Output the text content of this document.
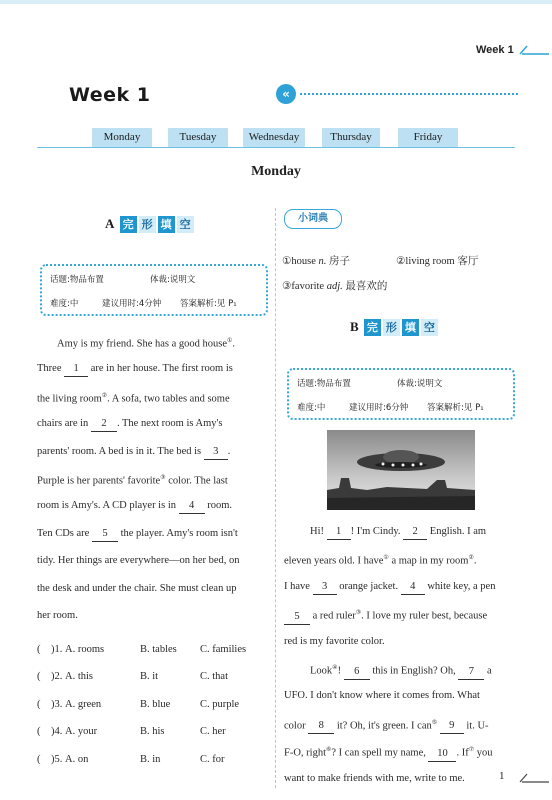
Week 1
Week 1	«
Monday	Tuesday	Wednesday	Thursday	Friday
Monday
A 完 形 填 空
话题:物品布置	体裁:说明文
难度:中	建议用时:4分钟 答案解析:见 P₁
Amy is my friend. She has a good house①.
Three 1 are in her house. The first room is
the living room②. A sofa, two tables and some
chairs are in 2 . The next room is Amy's
parents' room. A bed is in it. The bed is 3 .
Purple is her parents' favorite③ color. The last
room is Amy's. A CD player is in 4 room.
Ten CDs are 5 the player. Amy's room isn't
tidy. Her things are everywhere—on her bed, on
the desk and under the chair. She must clean up
her room.
(    )1. A. rooms	B. tables C. families
(    )2. A. this	B. it	C. that
(    )3. A. green	B. blue	C. purple
(    )4. A. your	B. his	C. her
(    )5. A. on	B. in	C. for
小词典
①house n. 房子	②living room 客厅
③favorite adj. 最喜欢的
B 完 形 填 空
话题:物品布置	体裁:说明文
难度:中	建议用时:6分钟 答案解析:见 P₁
Hi! 1 ! I'm Cindy. 2 English. I am
eleven years old. I have① a map in my room②.
I have 3 orange jacket. 4 white key, a pen
5 a red ruler③. I love my ruler best, because
red is my favorite color.
Look④! 6 this in English? Oh, 7 a
UFO. I don't know where it comes from. What
color 8 it? Oh, it's green. I can⑤ 9 it. U-
F-O, right⑥? I can spell my name, 10 . If⑦ you
want to make friends with me, write to me.	1
